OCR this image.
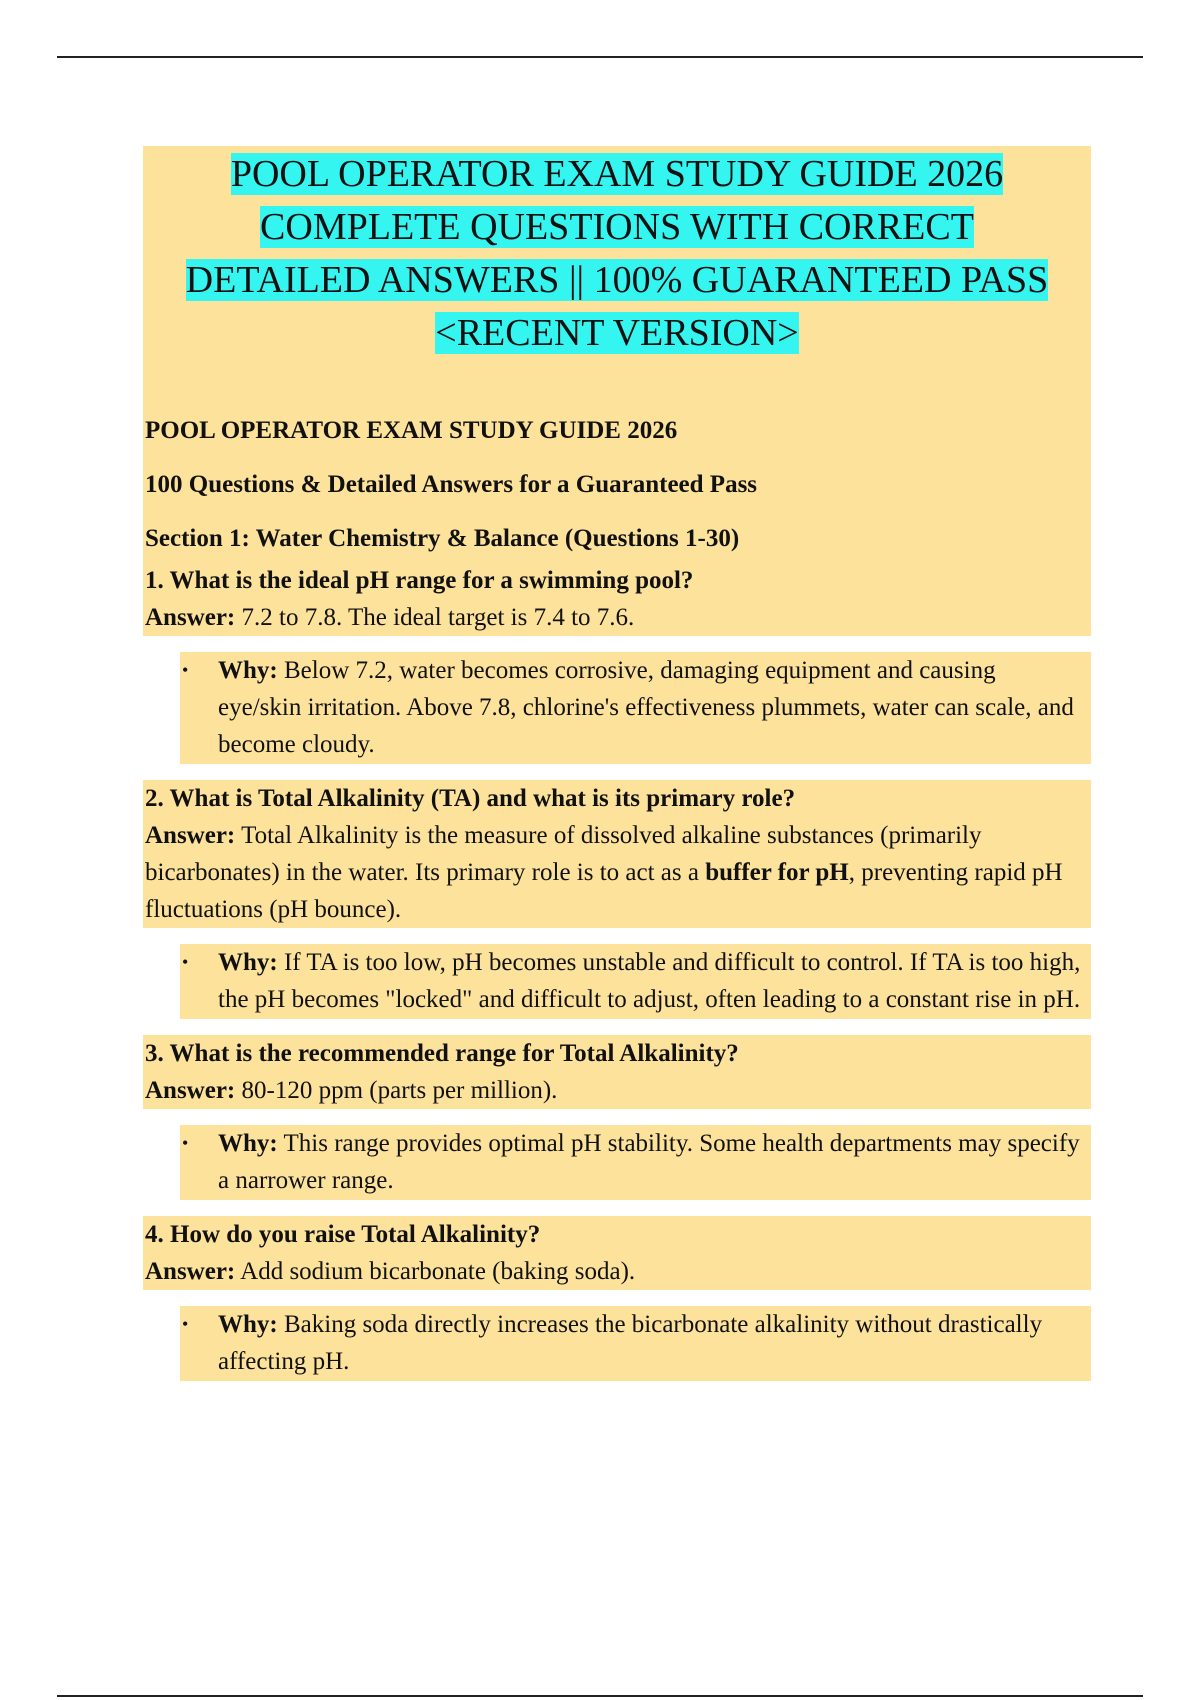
POOL OPERATOR EXAM STUDY GUIDE 2026
COMPLETE QUESTIONS WITH CORRECT
DETAILED ANSWERS || 100% GUARANTEED PASS
<RECENT VERSION>

POOL OPERATOR EXAM STUDY GUIDE 2026

100 Questions & Detailed Answers for a Guaranteed Pass

Section 1: Water Chemistry & Balance (Questions 1-30)

1. What is the ideal pH range for a swimming pool?
Answer: 7.2 to 7.8. The ideal target is 7.4 to 7.6.
• Why: Below 7.2, water becomes corrosive, damaging equipment and causing eye/skin irritation. Above 7.8, chlorine's effectiveness plummets, water can scale, and become cloudy.
2. What is Total Alkalinity (TA) and what is its primary role?
Answer: Total Alkalinity is the measure of dissolved alkaline substances (primarily bicarbonates) in the water. Its primary role is to act as a buffer for pH, preventing rapid pH fluctuations (pH bounce).
• Why: If TA is too low, pH becomes unstable and difficult to control. If TA is too high, the pH becomes "locked" and difficult to adjust, often leading to a constant rise in pH.
3. What is the recommended range for Total Alkalinity?
Answer: 80-120 ppm (parts per million).
• Why: This range provides optimal pH stability. Some health departments may specify a narrower range.
4. How do you raise Total Alkalinity?
Answer: Add sodium bicarbonate (baking soda).
• Why: Baking soda directly increases the bicarbonate alkalinity without drastically affecting pH.
